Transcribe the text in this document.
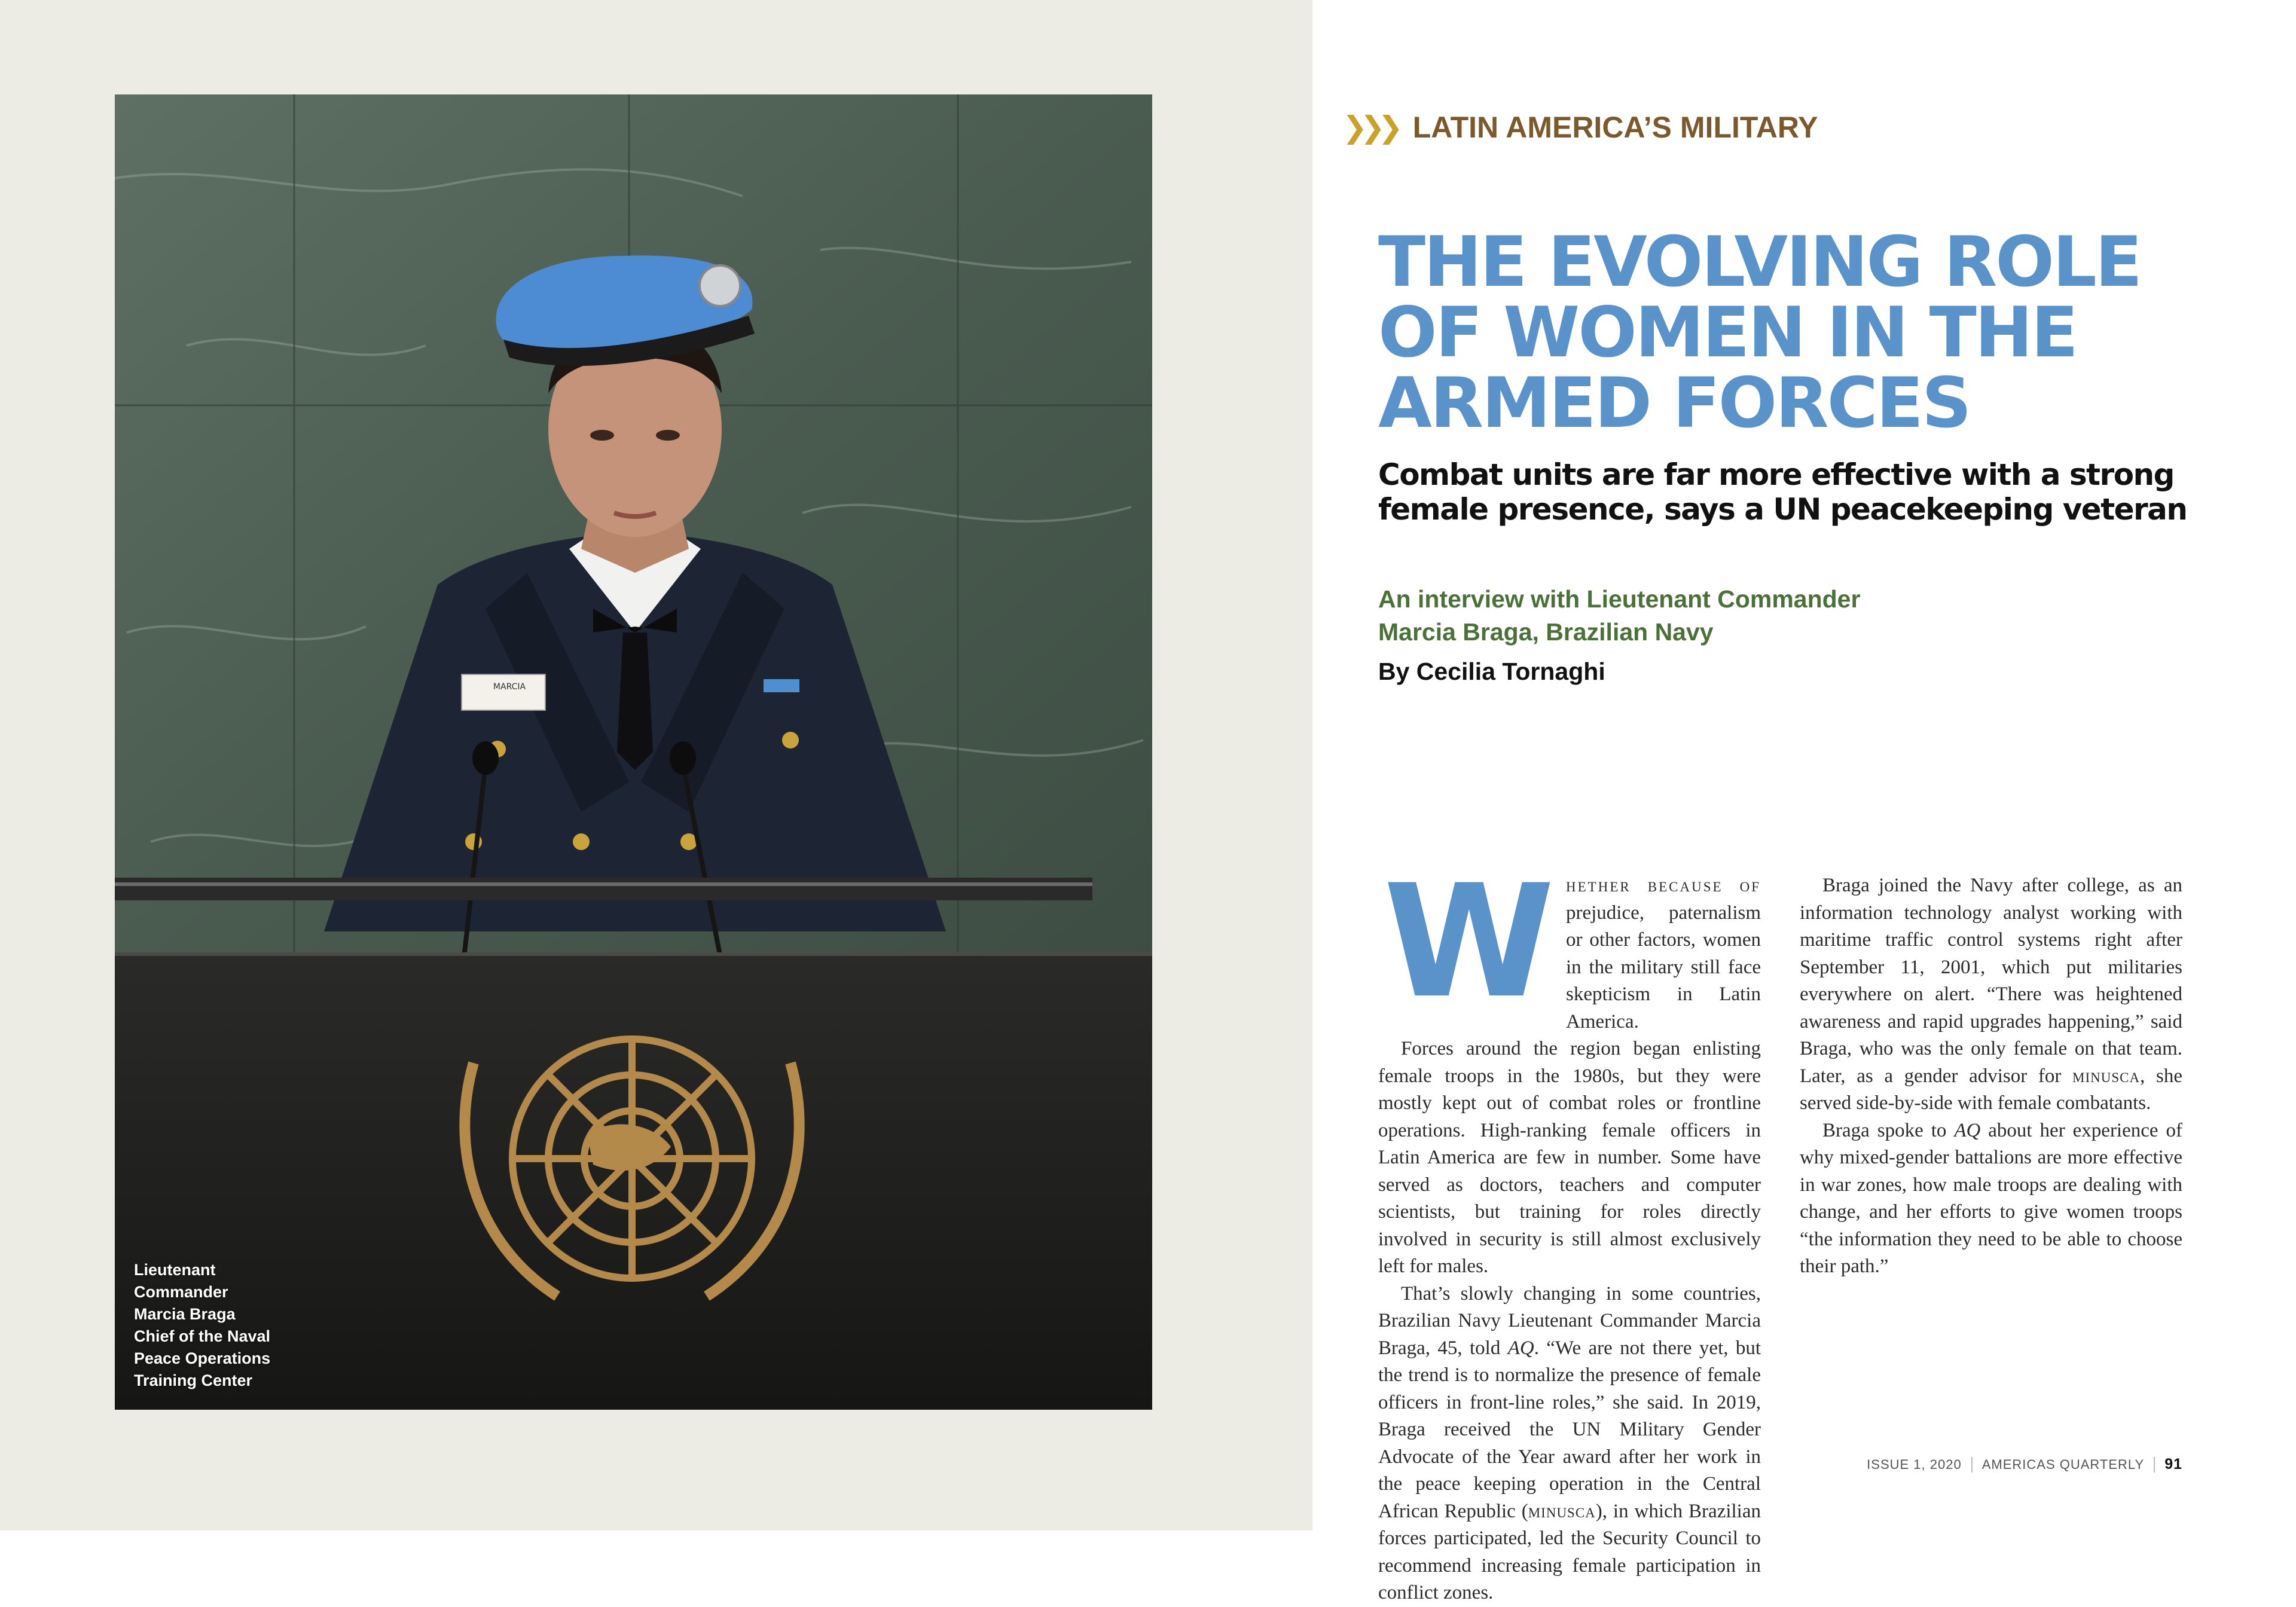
MARCIA
Lieutenant
Commander
Marcia Braga
Chief of the Naval
Peace Operations
Training Center
❯❯❯ LATIN AMERICA’S MILITARY
THE EVOLVING ROLE
OF WOMEN IN THE
ARMED FORCES
Combat units are far more effective with a strong
female presence, says a UN peacekeeping veteran
An interview with Lieutenant Commander
Marcia Braga, Brazilian Navy
By Cecilia Tornaghi

Whether because of prejudice, paternalism or other factors, women in the military still face skepticism in Latin America.

Forces around the region began enlisting female troops in the 1980s, but they were mostly kept out of combat roles or frontline operations. High-ranking female officers in Latin America are few in number. Some have served as doctors, teachers and computer scientists, but training for roles directly involved in security is still almost exclusively left for males.

That’s slowly changing in some countries, Brazilian Navy Lieutenant Commander Marcia Braga, 45, told AQ. “We are not there yet, but the trend is to normalize the presence of female officers in front-line roles,” she said. In 2019, Braga received the UN Military Gender Advocate of the Year award after her work in the peace keeping operation in the Central African Republic (minusca), in which Brazilian forces participated, led the Security Council to recommend increasing female participation in conflict zones.

Braga joined the Navy after college, as an information technology analyst working with maritime traffic control systems right after September 11, 2001, which put militaries everywhere on alert. “There was heightened awareness and rapid upgrades happening,” said Braga, who was the only female on that team. Later, as a gender advisor for minusca, she served side-by-side with female combatants.

Braga spoke to AQ about her experience of why mixed-gender battalions are more effective in war zones, how male troops are dealing with change, and her efforts to give women troops “the information they need to be able to choose their path.”

ISSUE 1, 2020 AMERICAS QUARTERLY 91
